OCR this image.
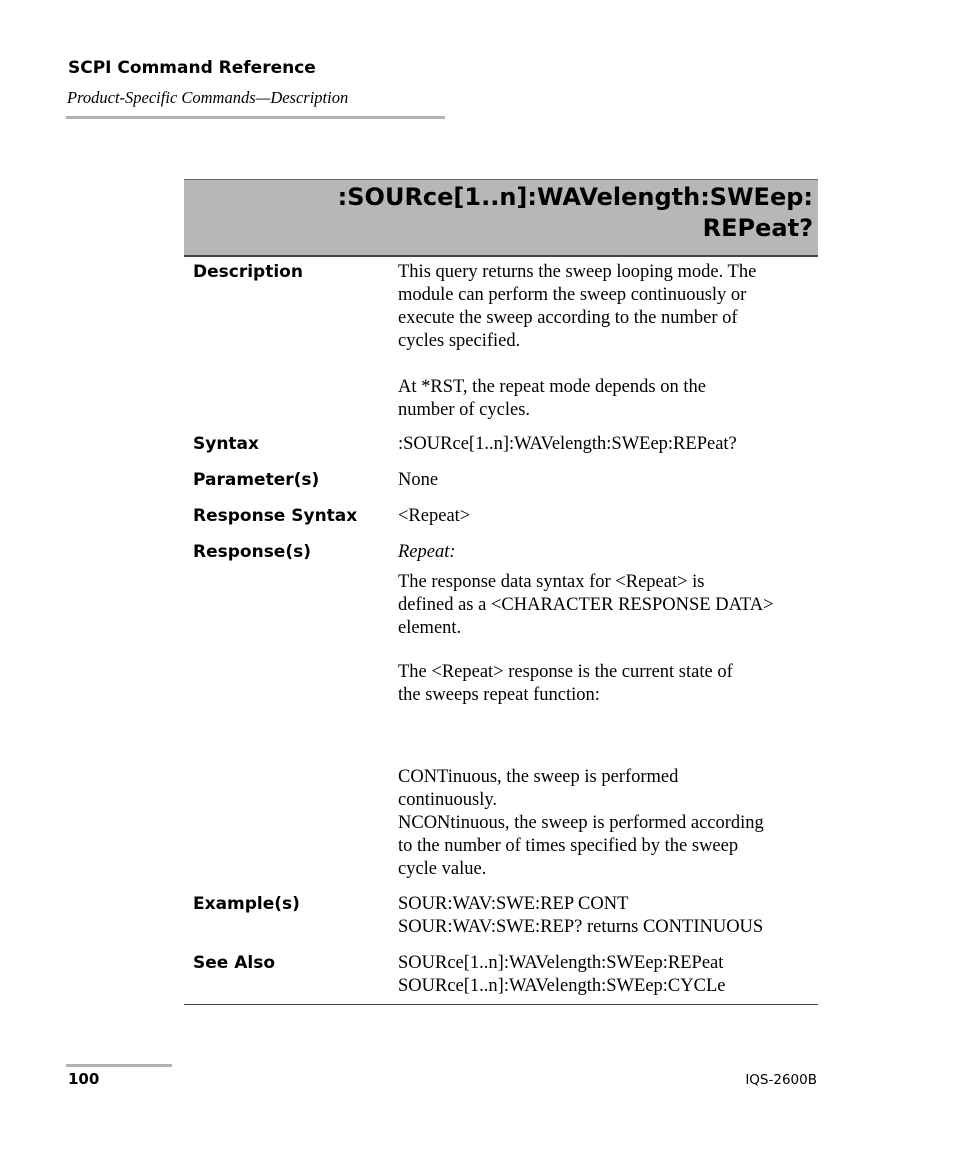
SCPI Command Reference
Product-Specific Commands—Description
:SOURce[1..n]:WAVelength:SWEep:
REPeat?
Description	This query returns the sweep looping mode. The
module can perform the sweep continuously or
execute the sweep according to the number of
cycles specified.
At *RST, the repeat mode depends on the
number of cycles.
Syntax	:SOURce[1..n]:WAVelength:SWEep:REPeat?
Parameter(s)	None
Response Syntax <Repeat>
Response(s)	Repeat:
The response data syntax for <Repeat> is
defined as a <CHARACTER RESPONSE DATA>
element.
The <Repeat> response is the current state of
the sweeps repeat function:
CONTinuous, the sweep is performed
continuously.
NCONtinuous, the sweep is performed according
to the number of times specified by the sweep
cycle value.
Example(s)	SOUR:WAV:SWE:REP CONT
SOUR:WAV:SWE:REP? returns CONTINUOUS
See Also	SOURce[1..n]:WAVelength:SWEep:REPeat
SOURce[1..n]:WAVelength:SWEep:CYCLe
100	IQS-2600B
